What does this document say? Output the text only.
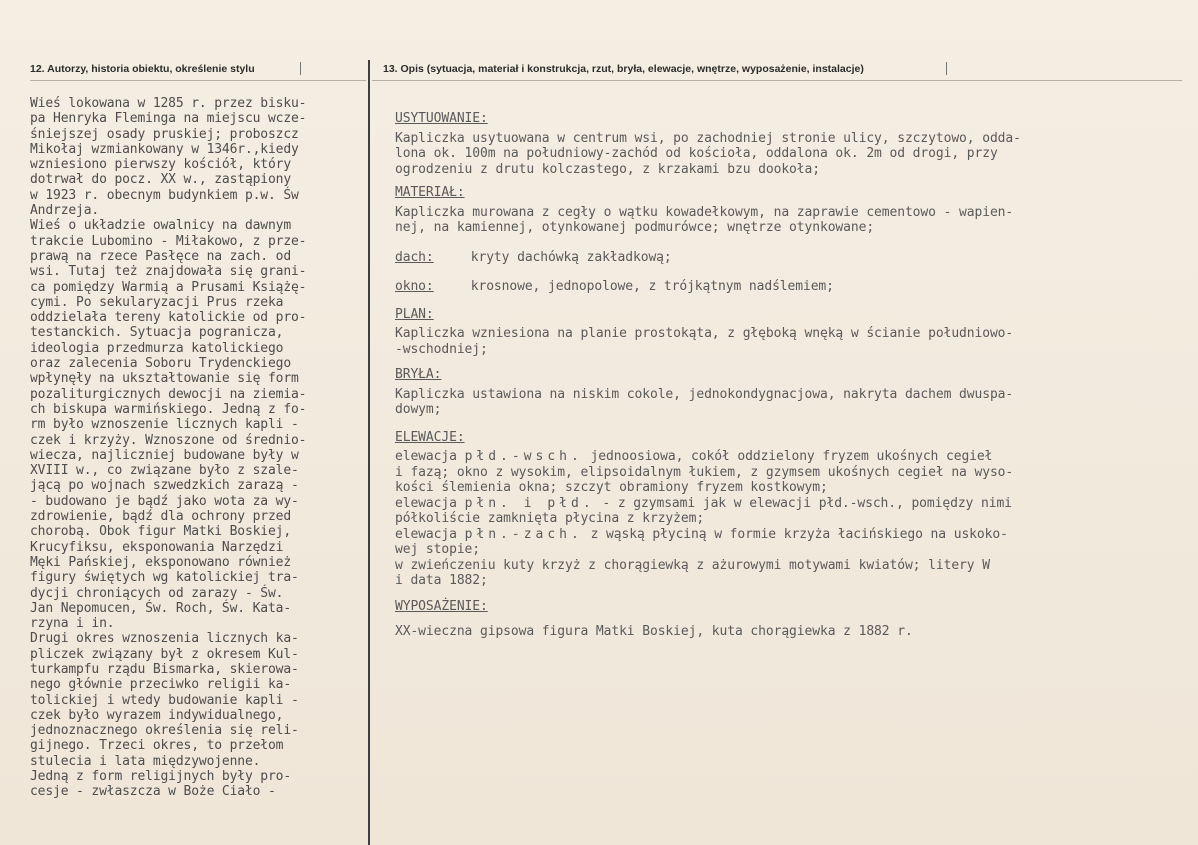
12. Autorzy, historia obiektu, określenie stylu	13. Opis (sytuacja, materiał i konstrukcja, rzut, bryła, elewacje, wnętrze, wyposażenie, instalacje)
Wieś lokowana w 1285 r. przez bisku-
pa Henryka Fleminga na miejscu wcze-
śniejszej osady pruskiej; proboszcz
Mikołaj wzmiankowany w 1346r.,kiedy
wzniesiono pierwszy kościół, który
dotrwał do pocz. XX w., zastąpiony
w 1923 r. obecnym budynkiem p.w. Św
Andrzeja.
Wieś o układzie owalnicy na dawnym
trakcie Lubomino - Miłakowo, z prze-
prawą na rzece Pasłęce na zach. od
wsi. Tutaj też znajdowała się grani-
ca pomiędzy Warmią a Prusami Książę-
cymi. Po sekularyzacji Prus rzeka
oddzielała tereny katolickie od pro-
testanckich. Sytuacja pogranicza,
ideologia przedmurza katolickiego
oraz zalecenia Soboru Trydenckiego
wpłynęły na ukształtowanie się form
pozaliturgicznych dewocji na ziemia-
ch biskupa warmińskiego. Jedną z fo-
rm było wznoszenie licznych kapli -
czek i krzyży. Wznoszone od średnio-
wiecza, najliczniej budowane były w
XVIII w., co związane było z szale-
jącą po wojnach szwedzkich zarazą -
- budowano je bądź jako wota za wy-
zdrowienie, bądź dla ochrony przed
chorobą. Obok figur Matki Boskiej,
Krucyfiksu, eksponowania Narzędzi
Męki Pańskiej, eksponowano również
figury świętych wg katolickiej tra-
dycji chroniących od zarazy - Św.
Jan Nepomucen, Św. Roch, Św. Kata-
rzyna i in.
Drugi okres wznoszenia licznych ka-
pliczek związany był z okresem Kul-
turkampfu rządu Bismarka, skierowa-
nego głównie przeciwko religii ka-
tolickiej i wtedy budowanie kapli -
czek było wyrazem indywidualnego,
jednoznacznego określenia się reli-
gijnego. Trzeci okres, to przełom
stulecia i lata międzywojenne.
Jedną z form religijnych były pro-
cesje - zwłaszcza w Boże Ciało -
USYTUOWANIE:
Kapliczka usytuowana w centrum wsi, po zachodniej stronie ulicy, szczytowo, odda-
lona ok. 100m na południowy-zachód od kościoła, oddalona ok. 2m od drogi, przy
ogrodzeniu z drutu kolczastego, z krzakami bzu dookoła;
MATERIAŁ:
Kapliczka murowana z cegły o wątku kowadełkowym, na zaprawie cementowo - wapien-
nej, na kamiennej, otynkowanej podmurówce; wnętrze otynkowane;
dach:	kryty dachówką zakładkową;
okno:	krosnowe, jednopolowe, z trójkątnym nadślemiem;
PLAN:
Kapliczka wzniesiona na planie prostokąta, z głęboką wnęką w ścianie południowo-
-wschodniej;
BRYŁA:
Kapliczka ustawiona na niskim cokole, jednokondygnacjowa, nakryta dachem dwuspa-
dowym;
ELEWACJE:
elewacja płd.-wsch. jednoosiowa, cokół oddzielony fryzem ukośnych cegieł
i fazą; okno z wysokim, elipsoidalnym łukiem, z gzymsem ukośnych cegieł na wyso-
kości ślemienia okna; szczyt obramiony fryzem kostkowym;
elewacja płn. i płd. - z gzymsami jak w elewacji płd.-wsch., pomiędzy nimi
półkoliście zamknięta płycina z krzyżem;
elewacja płn.-zach. z wąską płyciną w formie krzyża łacińskiego na uskoko-
wej stopie;
w zwieńczeniu kuty krzyż z chorągiewką z ażurowymi motywami kwiatów; litery W
i data 1882;
WYPOSAŻENIE:
XX-wieczna gipsowa figura Matki Boskiej, kuta chorągiewka z 1882 r.
